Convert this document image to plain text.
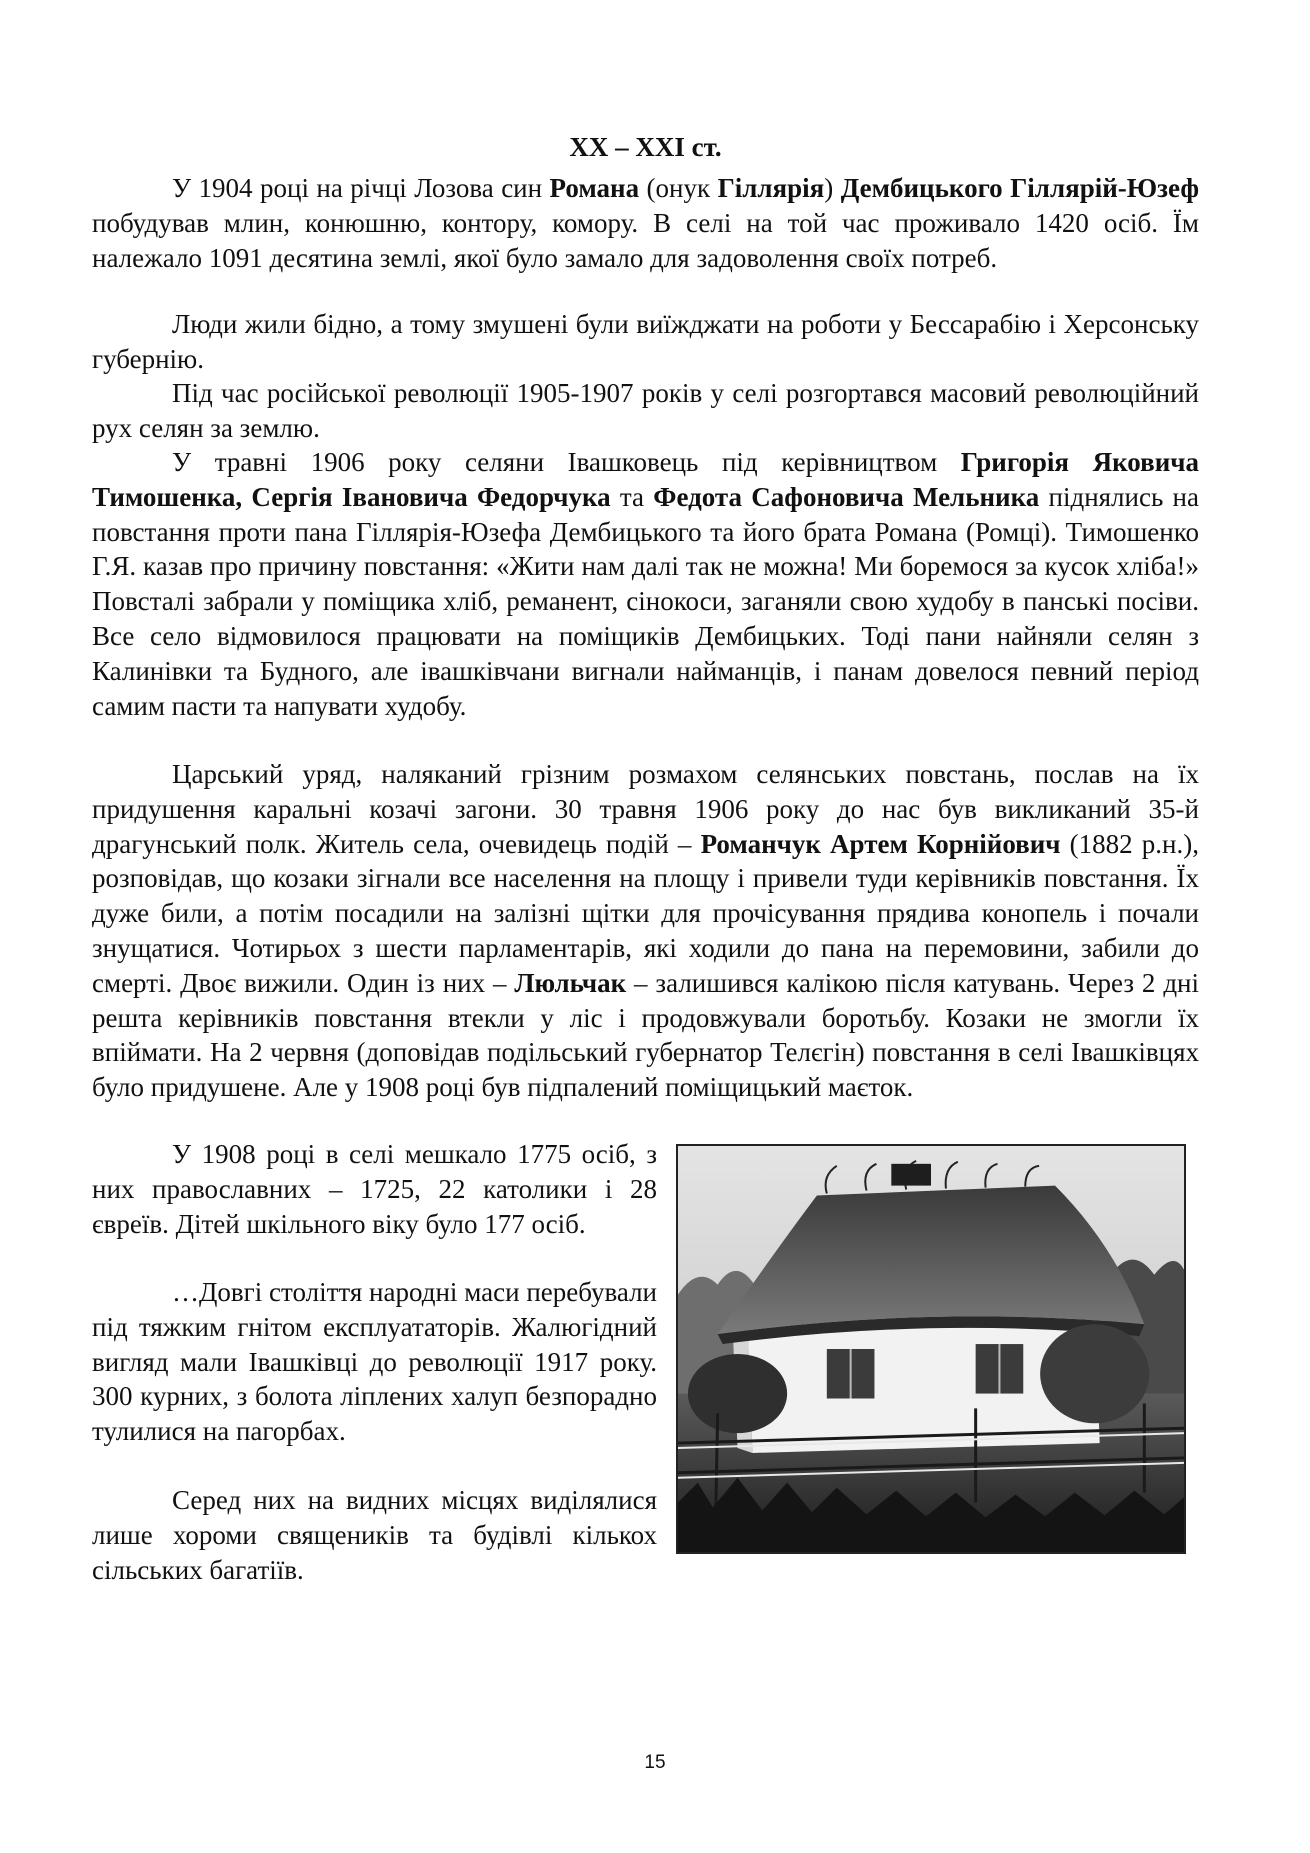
XX – XXI ст.

У 1904 році на річці Лозова син Романа (онук Гіллярія) Дембицького Гіллярій-Юзеф побудував млин, конюшню, контору, комору. В селі на той час проживало 1420 осіб. Їм належало 1091 десятина землі, якої було замало для задоволення своїх потреб.

Люди жили бідно, а тому змушені були виїжджати на роботи у Бессарабію і Херсонську губернію.

Під час російської революції 1905-1907 років у селі розгортався масовий революційний рух селян за землю.

У травні 1906 року селяни Івашковець під керівництвом Григорія Яковича Тимошенка, Сергія Івановича Федорчука та Федота Сафоновича Мельника піднялись на повстання проти пана Гіллярія-Юзефа Дембицького та його брата Романа (Ромці). Тимошенко Г.Я. казав про причину повстання: «Жити нам далі так не можна! Ми боремося за кусок хліба!» Повсталі забрали у поміщика хліб, реманент, сінокоси, заганяли свою худобу в панські посіви. Все село відмовилося працювати на поміщиків Дембицьких. Тоді пани найняли селян з Калинівки та Будного, але івашківчани вигнали найманців, і панам довелося певний період самим пасти та напувати худобу.

Царський уряд, наляканий грізним розмахом селянських повстань, послав на їх придушення каральні козачі загони. 30 травня 1906 року до нас був викликаний 35-й драгунський полк. Житель села, очевидець подій – Романчук Артем Корнійович (1882 р.н.), розповідав, що козаки зігнали все населення на площу і привели туди керівників повстання. Їх дуже били, а потім посадили на залізні щітки для прочісування прядива конопель і почали знущатися. Чотирьох з шести парламентарів, які ходили до пана на перемовини, забили до смерті. Двоє вижили. Один із них – Люльчак – залишився калікою після катувань. Через 2 дні решта керівників повстання втекли у ліс і продовжували боротьбу. Козаки не змогли їх впіймати. На 2 червня (доповідав подільський губернатор Телєгін) повстання в селі Івашківцях було придушене. Але у 1908 році був підпалений поміщицький маєток.

У 1908 році в селі мешкало 1775 осіб, з них православних – 1725, 22 католики і 28 євреїв. Дітей шкільного віку було 177 осіб.

…Довгі століття народні маси перебували під тяжким гнітом експлуататорів. Жалюгідний вигляд мали Івашківці до революції 1917 року. 300 курних, з болота ліплених халуп безпорадно тулилися на пагорбах.

Серед них на видних місцях виділялися лише хороми священиків та будівлі кількох сільських багатіїв.

15
